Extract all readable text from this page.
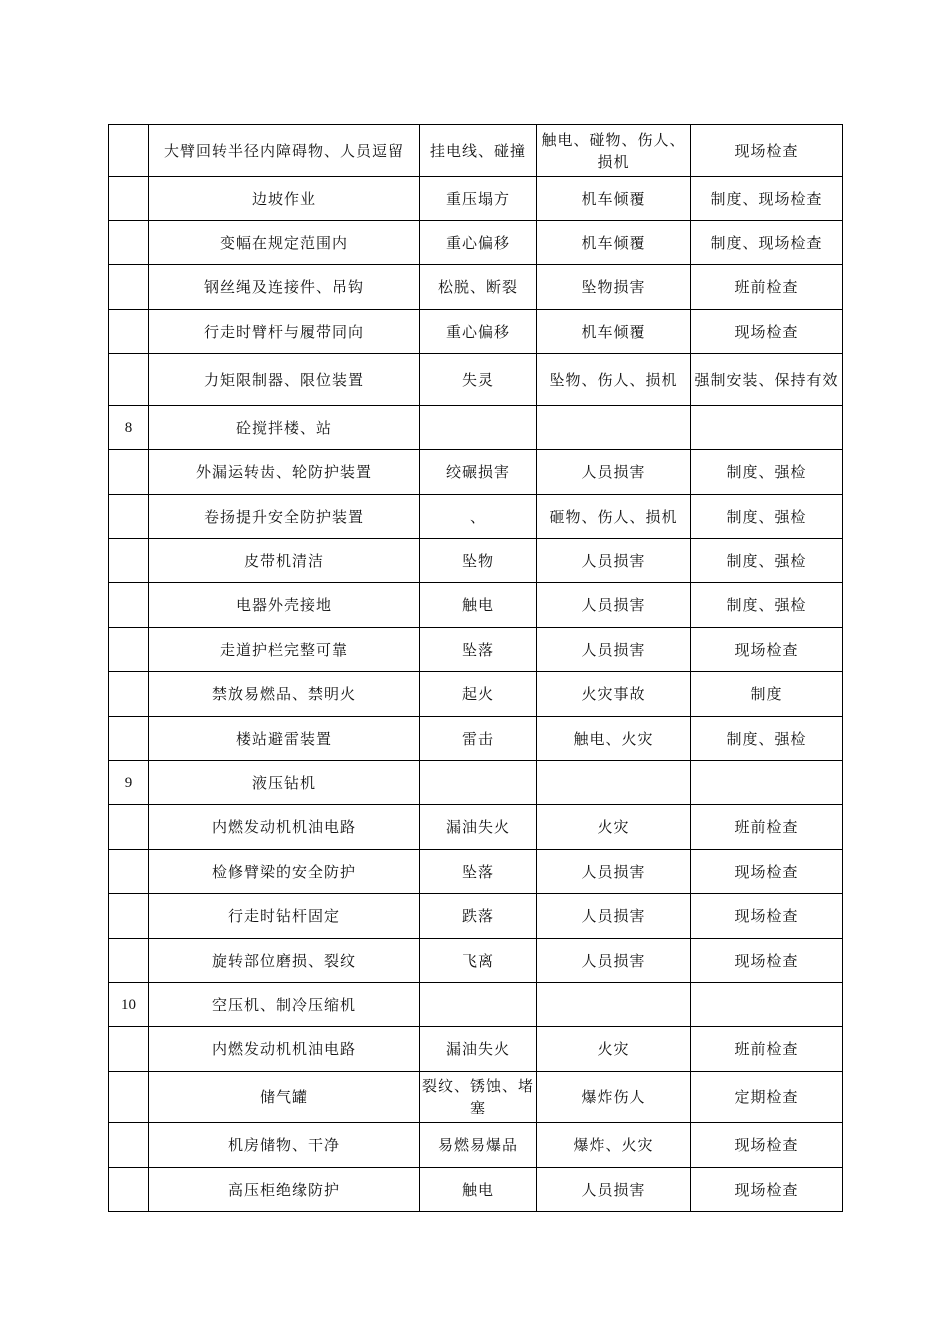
	大臂回转半径内障碍物、人员逗留	挂电线、碰撞	触电、碰物、伤人、损机	现场检查
	边坡作业	重压塌方	机车倾覆	制度、现场检查
	变幅在规定范围内	重心偏移	机车倾覆	制度、现场检查
	钢丝绳及连接件、吊钩	松脱、断裂	坠物损害	班前检查
	行走时臂杆与履带同向	重心偏移	机车倾覆	现场检查
	力矩限制器、限位装置	失灵	坠物、伤人、损机	强制安装、保持有效
8	砼搅拌楼、站			
	外漏运转齿、轮防护装置	绞碾损害	人员损害	制度、强检
	卷扬提升安全防护装置	、	砸物、伤人、损机	制度、强检
	皮带机清洁	坠物	人员损害	制度、强检
	电器外壳接地	触电	人员损害	制度、强检
	走道护栏完整可靠	坠落	人员损害	现场检查
	禁放易燃品、禁明火	起火	火灾事故	制度
	楼站避雷装置	雷击	触电、火灾	制度、强检
9	液压钻机			
	内燃发动机机油电路	漏油失火	火灾	班前检查
	检修臂梁的安全防护	坠落	人员损害	现场检查
	行走时钻杆固定	跌落	人员损害	现场检查
	旋转部位磨损、裂纹	飞离	人员损害	现场检查
10	空压机、制冷压缩机			
	内燃发动机机油电路	漏油失火	火灾	班前检查
	储气罐	裂纹、锈蚀、堵塞	爆炸伤人	定期检查
	机房储物、干净	易燃易爆品	爆炸、火灾	现场检查
	高压柜绝缘防护	触电	人员损害	现场检查
